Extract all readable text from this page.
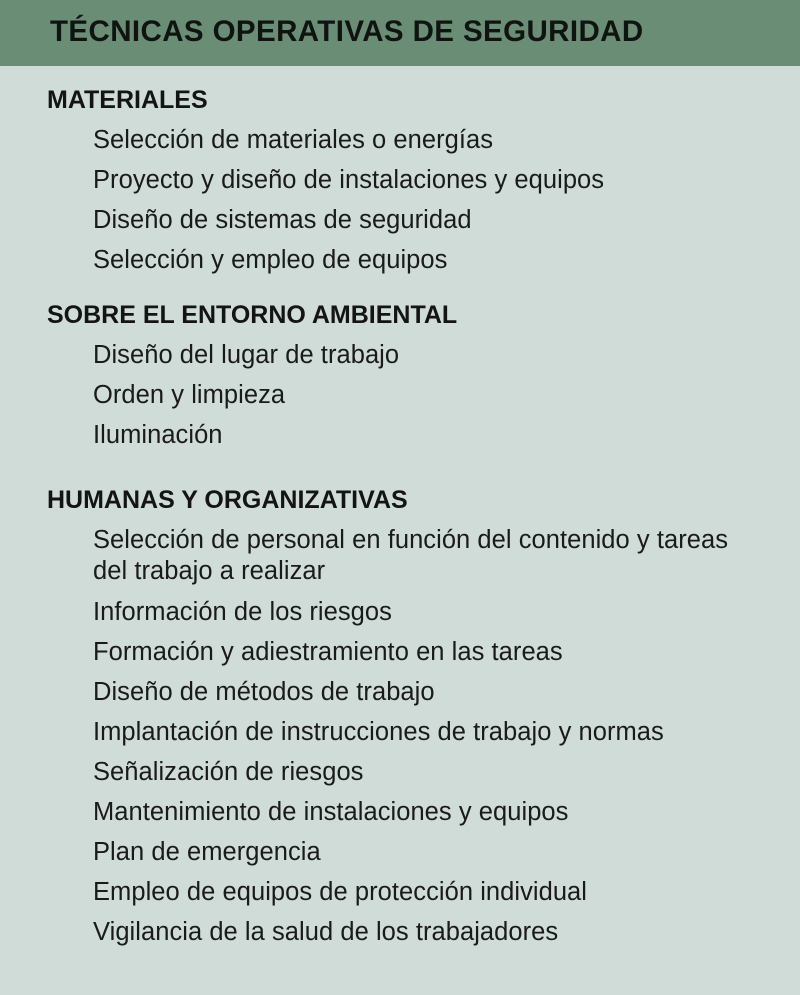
TÉCNICAS OPERATIVAS DE SEGURIDAD
MATERIALES
Selección de materiales o energías
Proyecto y diseño de instalaciones y equipos
Diseño de sistemas de seguridad
Selección y empleo de equipos
SOBRE EL ENTORNO AMBIENTAL
Diseño del lugar de trabajo
Orden y limpieza
Iluminación
HUMANAS Y ORGANIZATIVAS
Selección de personal en función del contenido y tareas del trabajo a realizar
Información de los riesgos
Formación y adiestramiento en las tareas
Diseño de métodos de trabajo
Implantación de instrucciones de trabajo y normas
Señalización de riesgos
Mantenimiento de instalaciones y equipos
Plan de emergencia
Empleo de equipos de protección individual
Vigilancia de la salud de los trabajadores
